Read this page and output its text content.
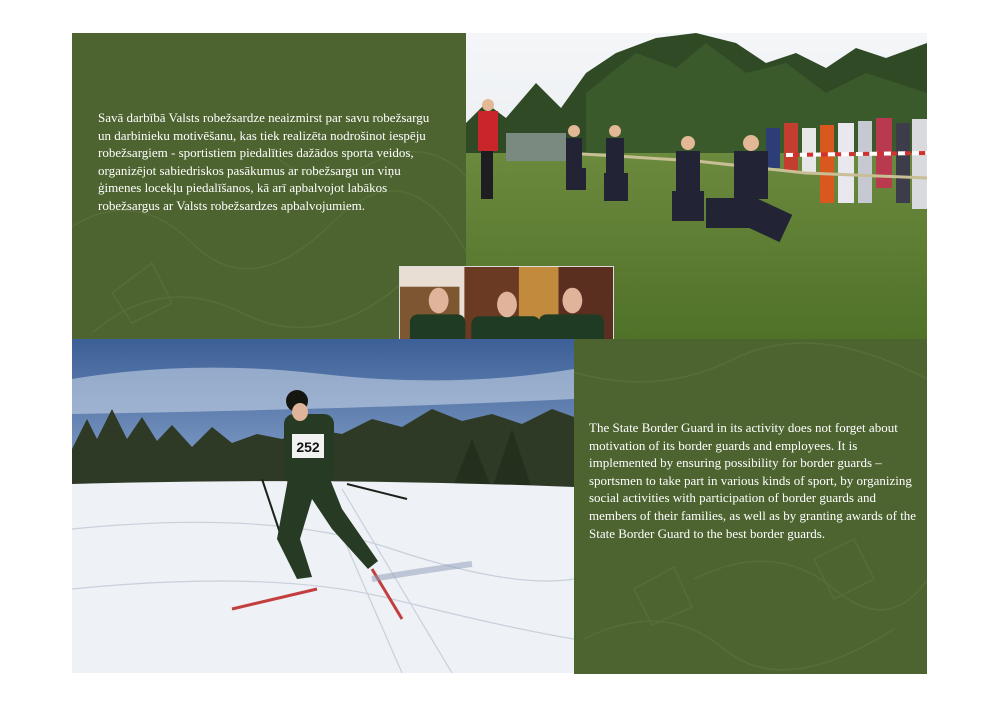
Savā darbībā Valsts robežsardze neaizmirst par savu robežsargu un darbinieku motivēšanu, kas tiek realizēta nodrošinot iespēju robežsargiem - sportistiem piedalīties dažādos sporta veidos, organizējot sabiedriskos pasākumus ar robežsargu un viņu ģimenes locekļu piedalīšanos, kā arī apbalvojot labākos robežsargus ar Valsts robežsardzes apbalvojumiem.

252

The State Border Guard in its activity does not forget about motivation of its border guards and employees. It is implemented by ensuring possibility for border guards – sportsmen to take part in various kinds of sport, by organizing social activities with participation of border guards and members of their families, as well as by granting awards of the State Border Guard to the best border guards.
